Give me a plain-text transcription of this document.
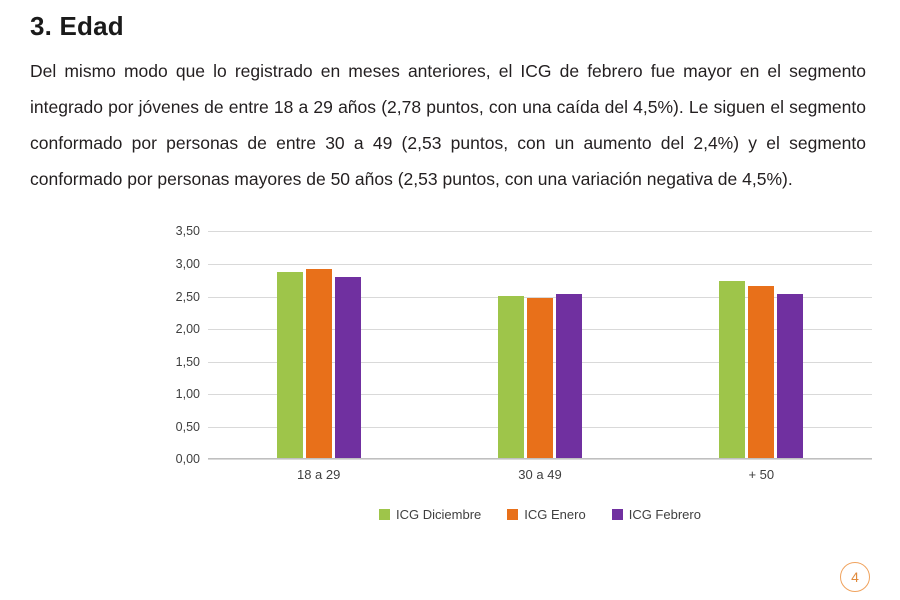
3. Edad

Del mismo modo que lo registrado en meses anteriores, el ICG de febrero fue mayor en el segmento integrado por jóvenes de entre 18 a 29 años (2,78 puntos, con una caída del 4,5%). Le siguen el segmento conformado por personas de entre 30 a 49 (2,53 puntos, con un aumento del 2,4%) y el segmento conformado por personas mayores de 50 años (2,53 puntos, con una variación negativa de 4,5%).

0,00
0,50
1,00
1,50
2,00
2,50
3,00
3,50
18 a 29	30 a 49	+ 50
ICG Diciembre	ICG Enero	ICG Febrero
4
